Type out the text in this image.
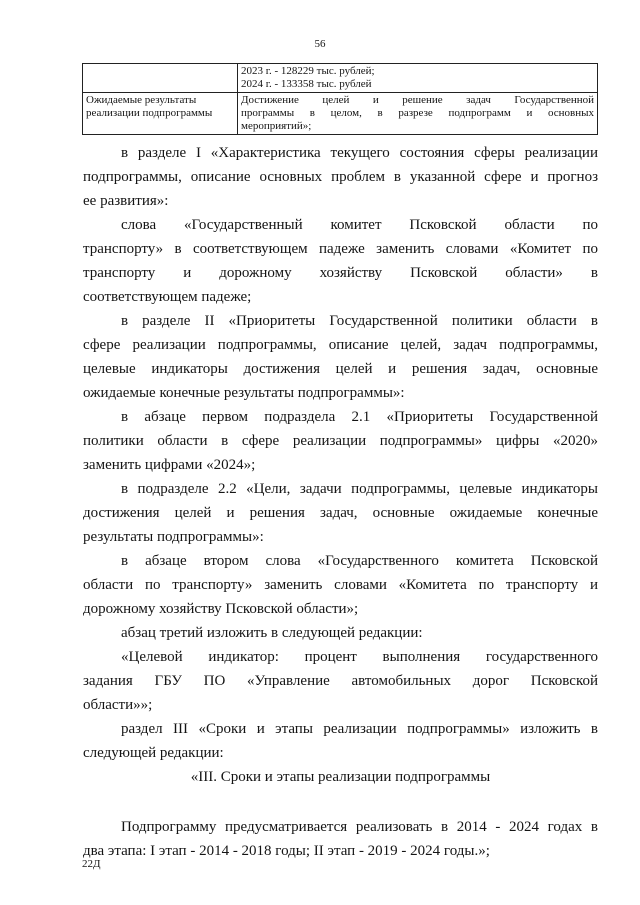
56

	2023 г. - 128229 тыс. рублей;
2024 г. - 133358 тыс. рублей

Ожидаемые результаты
реализации подпрограммы	Достижение целей и решение задач Государственной
программы в целом, в разрезе подпрограмм и основных
мероприятий»;

в разделе I «Характеристика текущего состояния сферы реализации
подпрограммы, описание основных проблем в указанной сфере и прогноз
ее развития»:

слова «Государственный комитет Псковской области по
транспорту» в соответствующем падеже заменить словами «Комитет по
транспорту и дорожному хозяйству Псковской области» в
соответствующем падеже;

в разделе II «Приоритеты Государственной политики области в
сфере реализации подпрограммы, описание целей, задач подпрограммы,
целевые индикаторы достижения целей и решения задач, основные
ожидаемые конечные результаты подпрограммы»:

в абзаце первом подраздела 2.1 «Приоритеты Государственной
политики области в сфере реализации подпрограммы» цифры «2020»
заменить цифрами «2024»;

в подразделе 2.2 «Цели, задачи подпрограммы, целевые индикаторы
достижения целей и решения задач, основные ожидаемые конечные
результаты подпрограммы»:

в абзаце втором слова «Государственного комитета Псковской
области по транспорту» заменить словами «Комитета по транспорту и
дорожному хозяйству Псковской области»;

абзац третий изложить в следующей редакции:

«Целевой индикатор: процент выполнения государственного
задания ГБУ ПО «Управление автомобильных дорог Псковской
области»»;

раздел III «Сроки и этапы реализации подпрограммы» изложить в
следующей редакции:

«III. Сроки и этапы реализации подпрограммы

Подпрограмму предусматривается реализовать в 2014 - 2024 годах в
два этапа: I этап - 2014 - 2018 годы; II этап - 2019 - 2024 годы.»;

22Д
